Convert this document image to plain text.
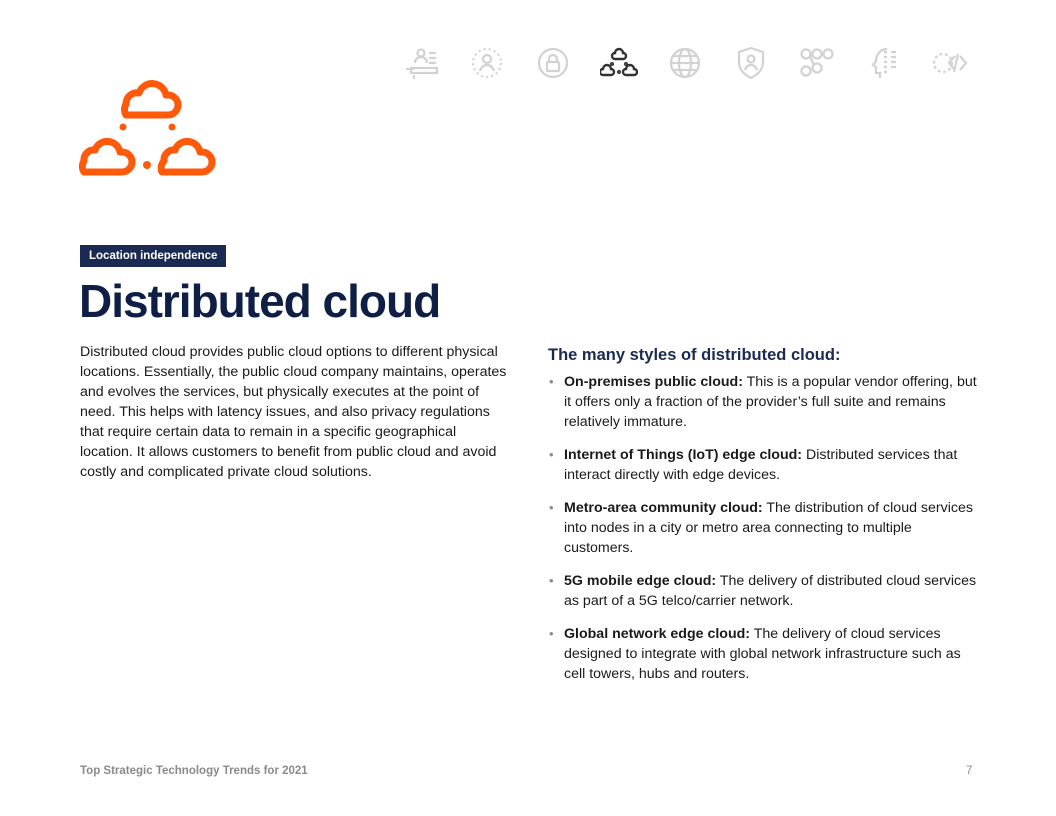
Location independence
Distributed cloud

Distributed cloud provides public cloud options to different physical locations. Essentially, the public cloud company maintains, operates and evolves the services, but physically executes at the point of need. This helps with latency issues, and also privacy regulations that require certain data to remain in a specific geographical location. It allows customers to benefit from public cloud and avoid costly and complicated private cloud solutions.

The many styles of distributed cloud:
• On-premises public cloud: This is a popular vendor offering, but it offers only a fraction of the provider’s full suite and remains relatively immature.
• Internet of Things (IoT) edge cloud: Distributed services that interact directly with edge devices.
• Metro-area community cloud: The distribution of cloud services into nodes in a city or metro area connecting to multiple customers.
• 5G mobile edge cloud: The delivery of distributed cloud services as part of a 5G telco/carrier network.
• Global network edge cloud: The delivery of cloud services designed to integrate with global network infrastructure such as cell towers, hubs and routers.
Top Strategic Technology Trends for 2021	7
